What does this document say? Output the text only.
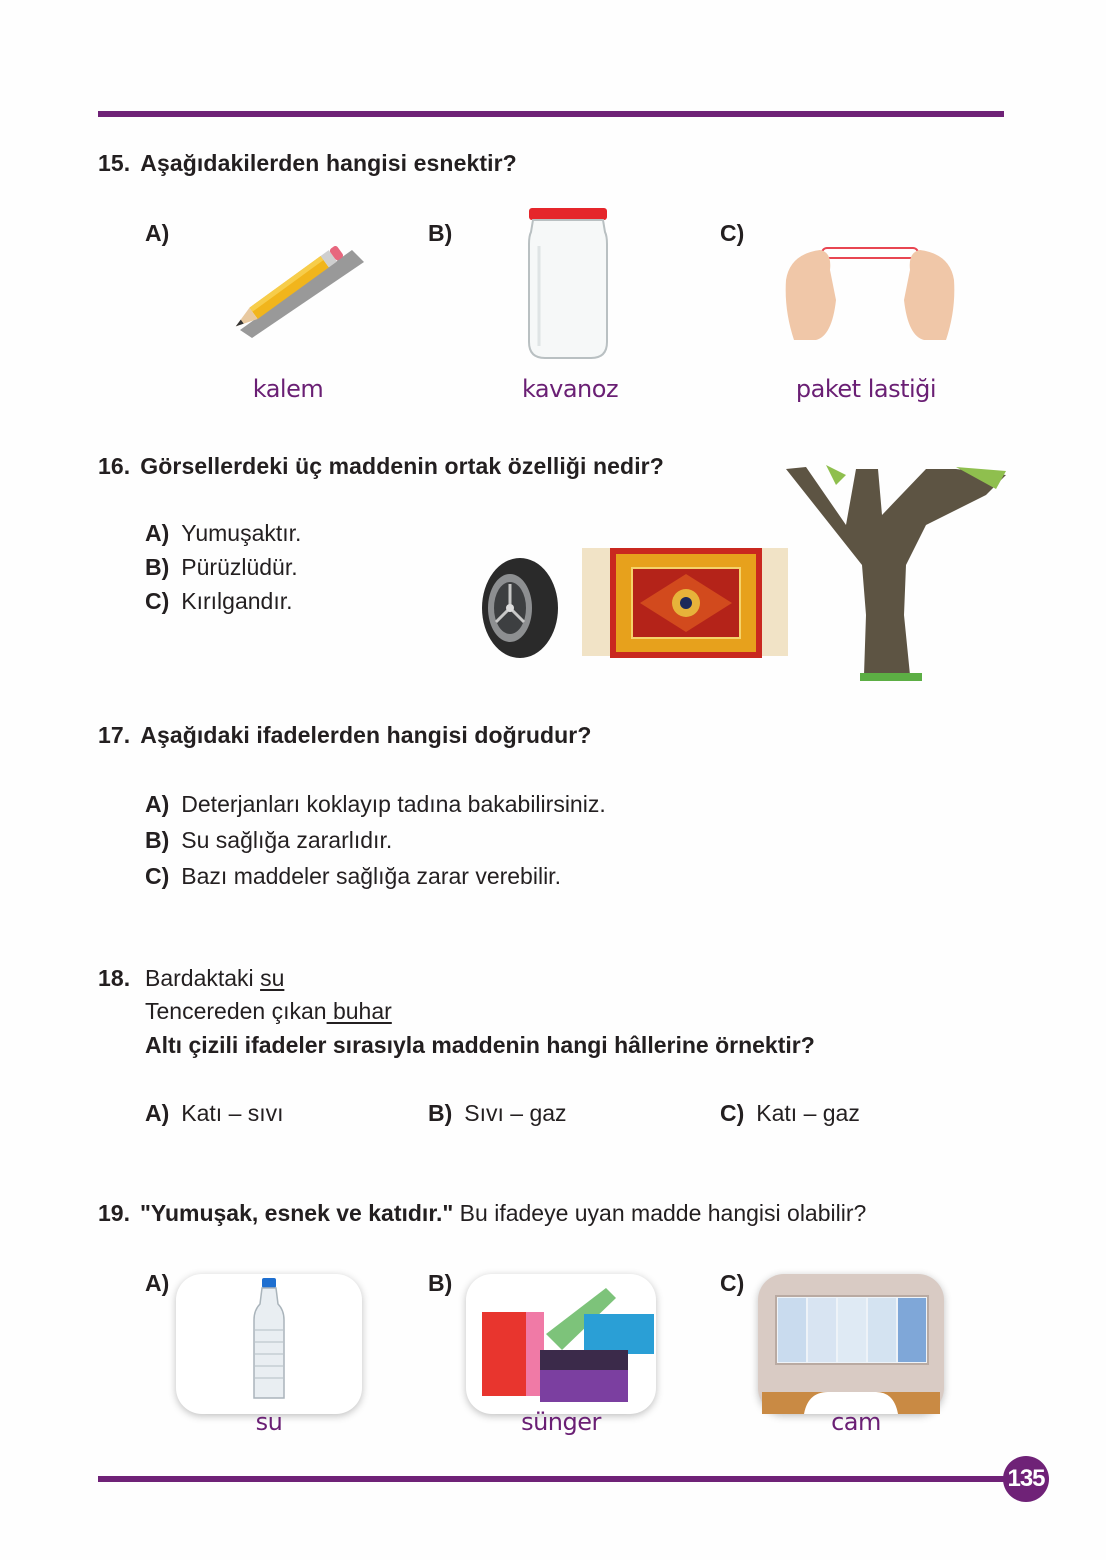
15. Aşağıdakilerden hangisi esnektir?
A)
kalem
B)
kavanoz
C)
paket lastiği
16. Görsellerdeki üç maddenin ortak özelliği nedir?
A) Yumuşaktır.
B) Pürüzlüdür.
C) Kırılgandır.
17. Aşağıdaki ifadelerden hangisi doğrudur?
A) Deterjanları koklayıp tadına bakabilirsiniz.
B) Su sağlığa zararlıdır.
C) Bazı maddeler sağlığa zarar verebilir.
18. Bardaktaki su
Tencereden çıkan buhar
Altı çizili ifadeler sırasıyla maddenin hangi hâllerine örnektir?
A) Katı – sıvı	B) Sıvı – gaz	C) Katı – gaz
19. "Yumuşak, esnek ve katıdır." Bu ifadeye uyan madde hangisi olabilir?
A)
su
B)
sünger
C)
cam
135
